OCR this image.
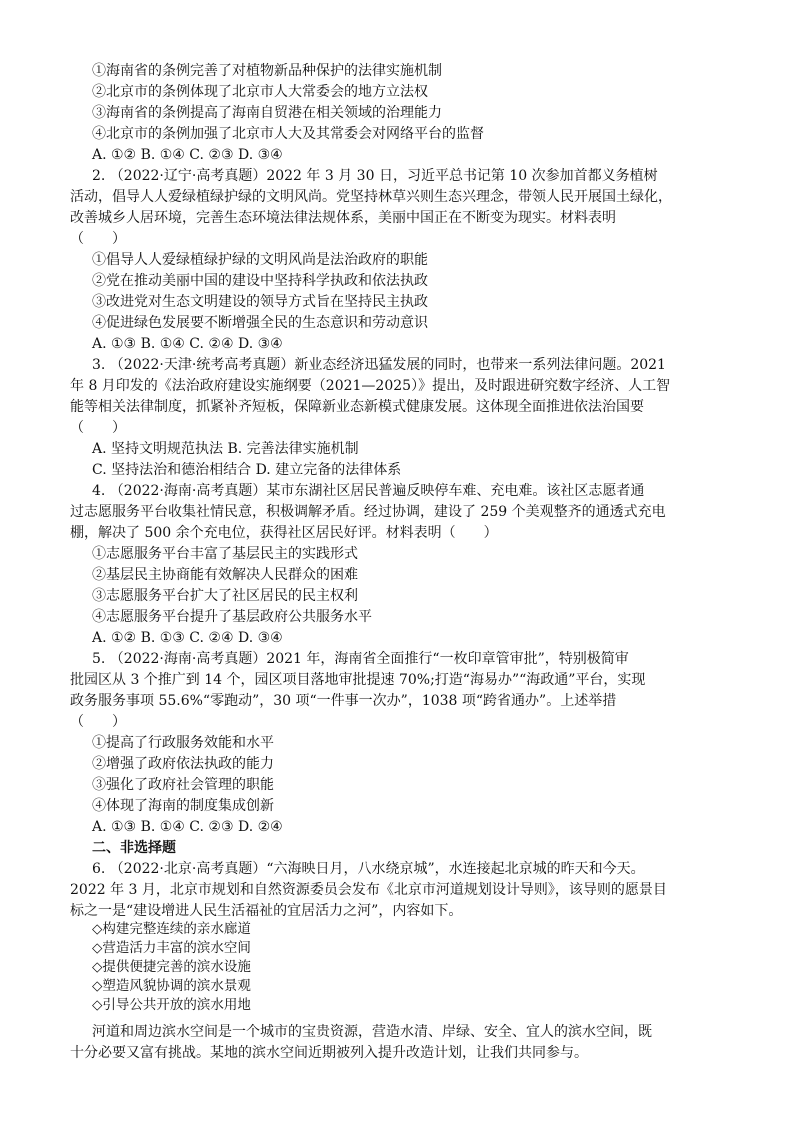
①海南省的条例完善了对植物新品种保护的法律实施机制
②北京市的条例体现了北京市人大常委会的地方立法权
③海南省的条例提高了海南自贸港在相关领域的治理能力
④北京市的条例加强了北京市人大及其常委会对网络平台的监督
A. ①② B. ①④ C. ②③ D. ③④
2. （2022·辽宁·高考真题）2022 年 3 月 30 日，习近平总书记第 10 次参加首都义务植树
活动，倡导人人爱绿植绿护绿的文明风尚。党坚持林草兴则生态兴理念，带领人民开展国土绿化，
改善城乡人居环境，完善生态环境法律法规体系，美丽中国正在不断变为现实。材料表明
（　　）
①倡导人人爱绿植绿护绿的文明风尚是法治政府的职能
②党在推动美丽中国的建设中坚持科学执政和依法执政
③改进党对生态文明建设的领导方式旨在坚持民主执政
④促进绿色发展要不断增强全民的生态意识和劳动意识
A. ①③ B. ①④ C. ②④ D. ③④
3. （2022·天津·统考高考真题）新业态经济迅猛发展的同时，也带来一系列法律问题。2021
年 8 月印发的《法治政府建设实施纲要（2021—2025）》提出，及时跟进研究数字经济、人工智
能等相关法律制度，抓紧补齐短板，保障新业态新模式健康发展。这体现全面推进依法治国要
（　　）
A. 坚持文明规范执法 B. 完善法律实施机制
C. 坚持法治和德治相结合 D. 建立完备的法律体系
4. （2022·海南·高考真题）某市东湖社区居民普遍反映停车难、充电难。该社区志愿者通
过志愿服务平台收集社情民意，积极调解矛盾。经过协调，建设了 259 个美观整齐的通透式充电
棚，解决了 500 余个充电位，获得社区居民好评。材料表明（　　）
①志愿服务平台丰富了基层民主的实践形式
②基层民主协商能有效解决人民群众的困难
③志愿服务平台扩大了社区居民的民主权利
④志愿服务平台提升了基层政府公共服务水平
A. ①② B. ①③ C. ②④ D. ③④
5. （2022·海南·高考真题）2021 年，海南省全面推行“一枚印章管审批”，特别极简审
批园区从 3 个推广到 14 个，园区项目落地审批提速 70%;打造“海易办”“海政通”平台，实现
政务服务事项 55.6%“零跑动”，30 项“一件事一次办”，1038 项“跨省通办”。上述举措
（　　）
①提高了行政服务效能和水平
②增强了政府依法执政的能力
③强化了政府社会管理的职能
④体现了海南的制度集成创新
A. ①③ B. ①④ C. ②③ D. ②④
二、非选择题
6. （2022·北京·高考真题）“六海映日月，八水绕京城”，水连接起北京城的昨天和今天。
2022 年 3 月，北京市规划和自然资源委员会发布《北京市河道规划设计导则》，该导则的愿景目
标之一是“建设增进人民生活福祉的宜居活力之河”，内容如下。
◇构建完整连续的亲水廊道
◇营造活力丰富的滨水空间
◇提供便捷完善的滨水设施
◇塑造风貌协调的滨水景观
◇引导公共开放的滨水用地
河道和周边滨水空间是一个城市的宝贵资源，营造水清、岸绿、安全、宜人的滨水空间，既
十分必要又富有挑战。某地的滨水空间近期被列入提升改造计划，让我们共同参与。
